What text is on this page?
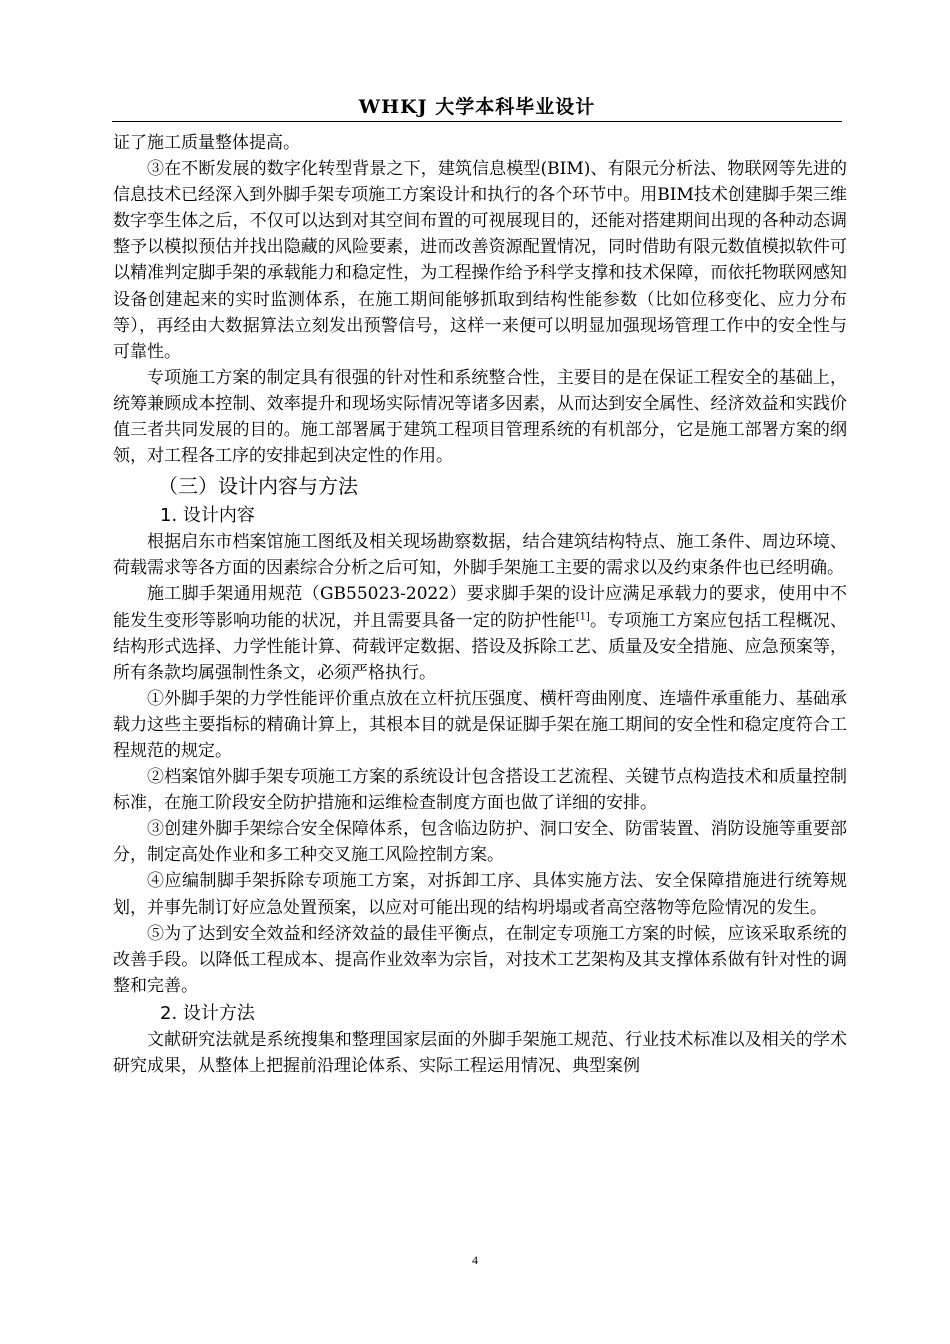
WHKJ 大学本科毕业设计

证了施工质量整体提高。

③在不断发展的数字化转型背景之下，建筑信息模型(BIM)、有限元分析法、物联网等先进的信息技术已经深入到外脚手架专项施工方案设计和执行的各个环节中。用BIM技术创建脚手架三维数字孪生体之后，不仅可以达到对其空间布置的可视展现目的，还能对搭建期间出现的各种动态调整予以模拟预估并找出隐藏的风险要素，进而改善资源配置情况，同时借助有限元数值模拟软件可以精准判定脚手架的承载能力和稳定性，为工程操作给予科学支撑和技术保障，而依托物联网感知设备创建起来的实时监测体系，在施工期间能够抓取到结构性能参数（比如位移变化、应力分布等），再经由大数据算法立刻发出预警信号，这样一来便可以明显加强现场管理工作中的安全性与可靠性。

专项施工方案的制定具有很强的针对性和系统整合性，主要目的是在保证工程安全的基础上，统筹兼顾成本控制、效率提升和现场实际情况等诸多因素，从而达到安全属性、经济效益和实践价值三者共同发展的目的。施工部署属于建筑工程项目管理系统的有机部分，它是施工部署方案的纲领，对工程各工序的安排起到决定性的作用。

（三）设计内容与方法
1. 设计内容

根据启东市档案馆施工图纸及相关现场勘察数据，结合建筑结构特点、施工条件、周边环境、荷载需求等各方面的因素综合分析之后可知，外脚手架施工主要的需求以及约束条件也已经明确。

施工脚手架通用规范（GB55023-2022）要求脚手架的设计应满足承载力的要求，使用中不能发生变形等影响功能的状况，并且需要具备一定的防护性能[1]。专项施工方案应包括工程概况、结构形式选择、力学性能计算、荷载评定数据、搭设及拆除工艺、质量及安全措施、应急预案等，所有条款均属强制性条文，必须严格执行。

①外脚手架的力学性能评价重点放在立杆抗压强度、横杆弯曲刚度、连墙件承重能力、基础承载力这些主要指标的精确计算上，其根本目的就是保证脚手架在施工期间的安全性和稳定度符合工程规范的规定。

②档案馆外脚手架专项施工方案的系统设计包含搭设工艺流程、关键节点构造技术和质量控制标准，在施工阶段安全防护措施和运维检查制度方面也做了详细的安排。

③创建外脚手架综合安全保障体系，包含临边防护、洞口安全、防雷装置、消防设施等重要部分，制定高处作业和多工种交叉施工风险控制方案。

④应编制脚手架拆除专项施工方案，对拆卸工序、具体实施方法、安全保障措施进行统筹规划，并事先制订好应急处置预案，以应对可能出现的结构坍塌或者高空落物等危险情况的发生。

⑤为了达到安全效益和经济效益的最佳平衡点，在制定专项施工方案的时候，应该采取系统的改善手段。以降低工程成本、提高作业效率为宗旨，对技术工艺架构及其支撑体系做有针对性的调整和完善。

2. 设计方法

文献研究法就是系统搜集和整理国家层面的外脚手架施工规范、行业技术标准以及相关的学术研究成果，从整体上把握前沿理论体系、实际工程运用情况、典型案例

4
